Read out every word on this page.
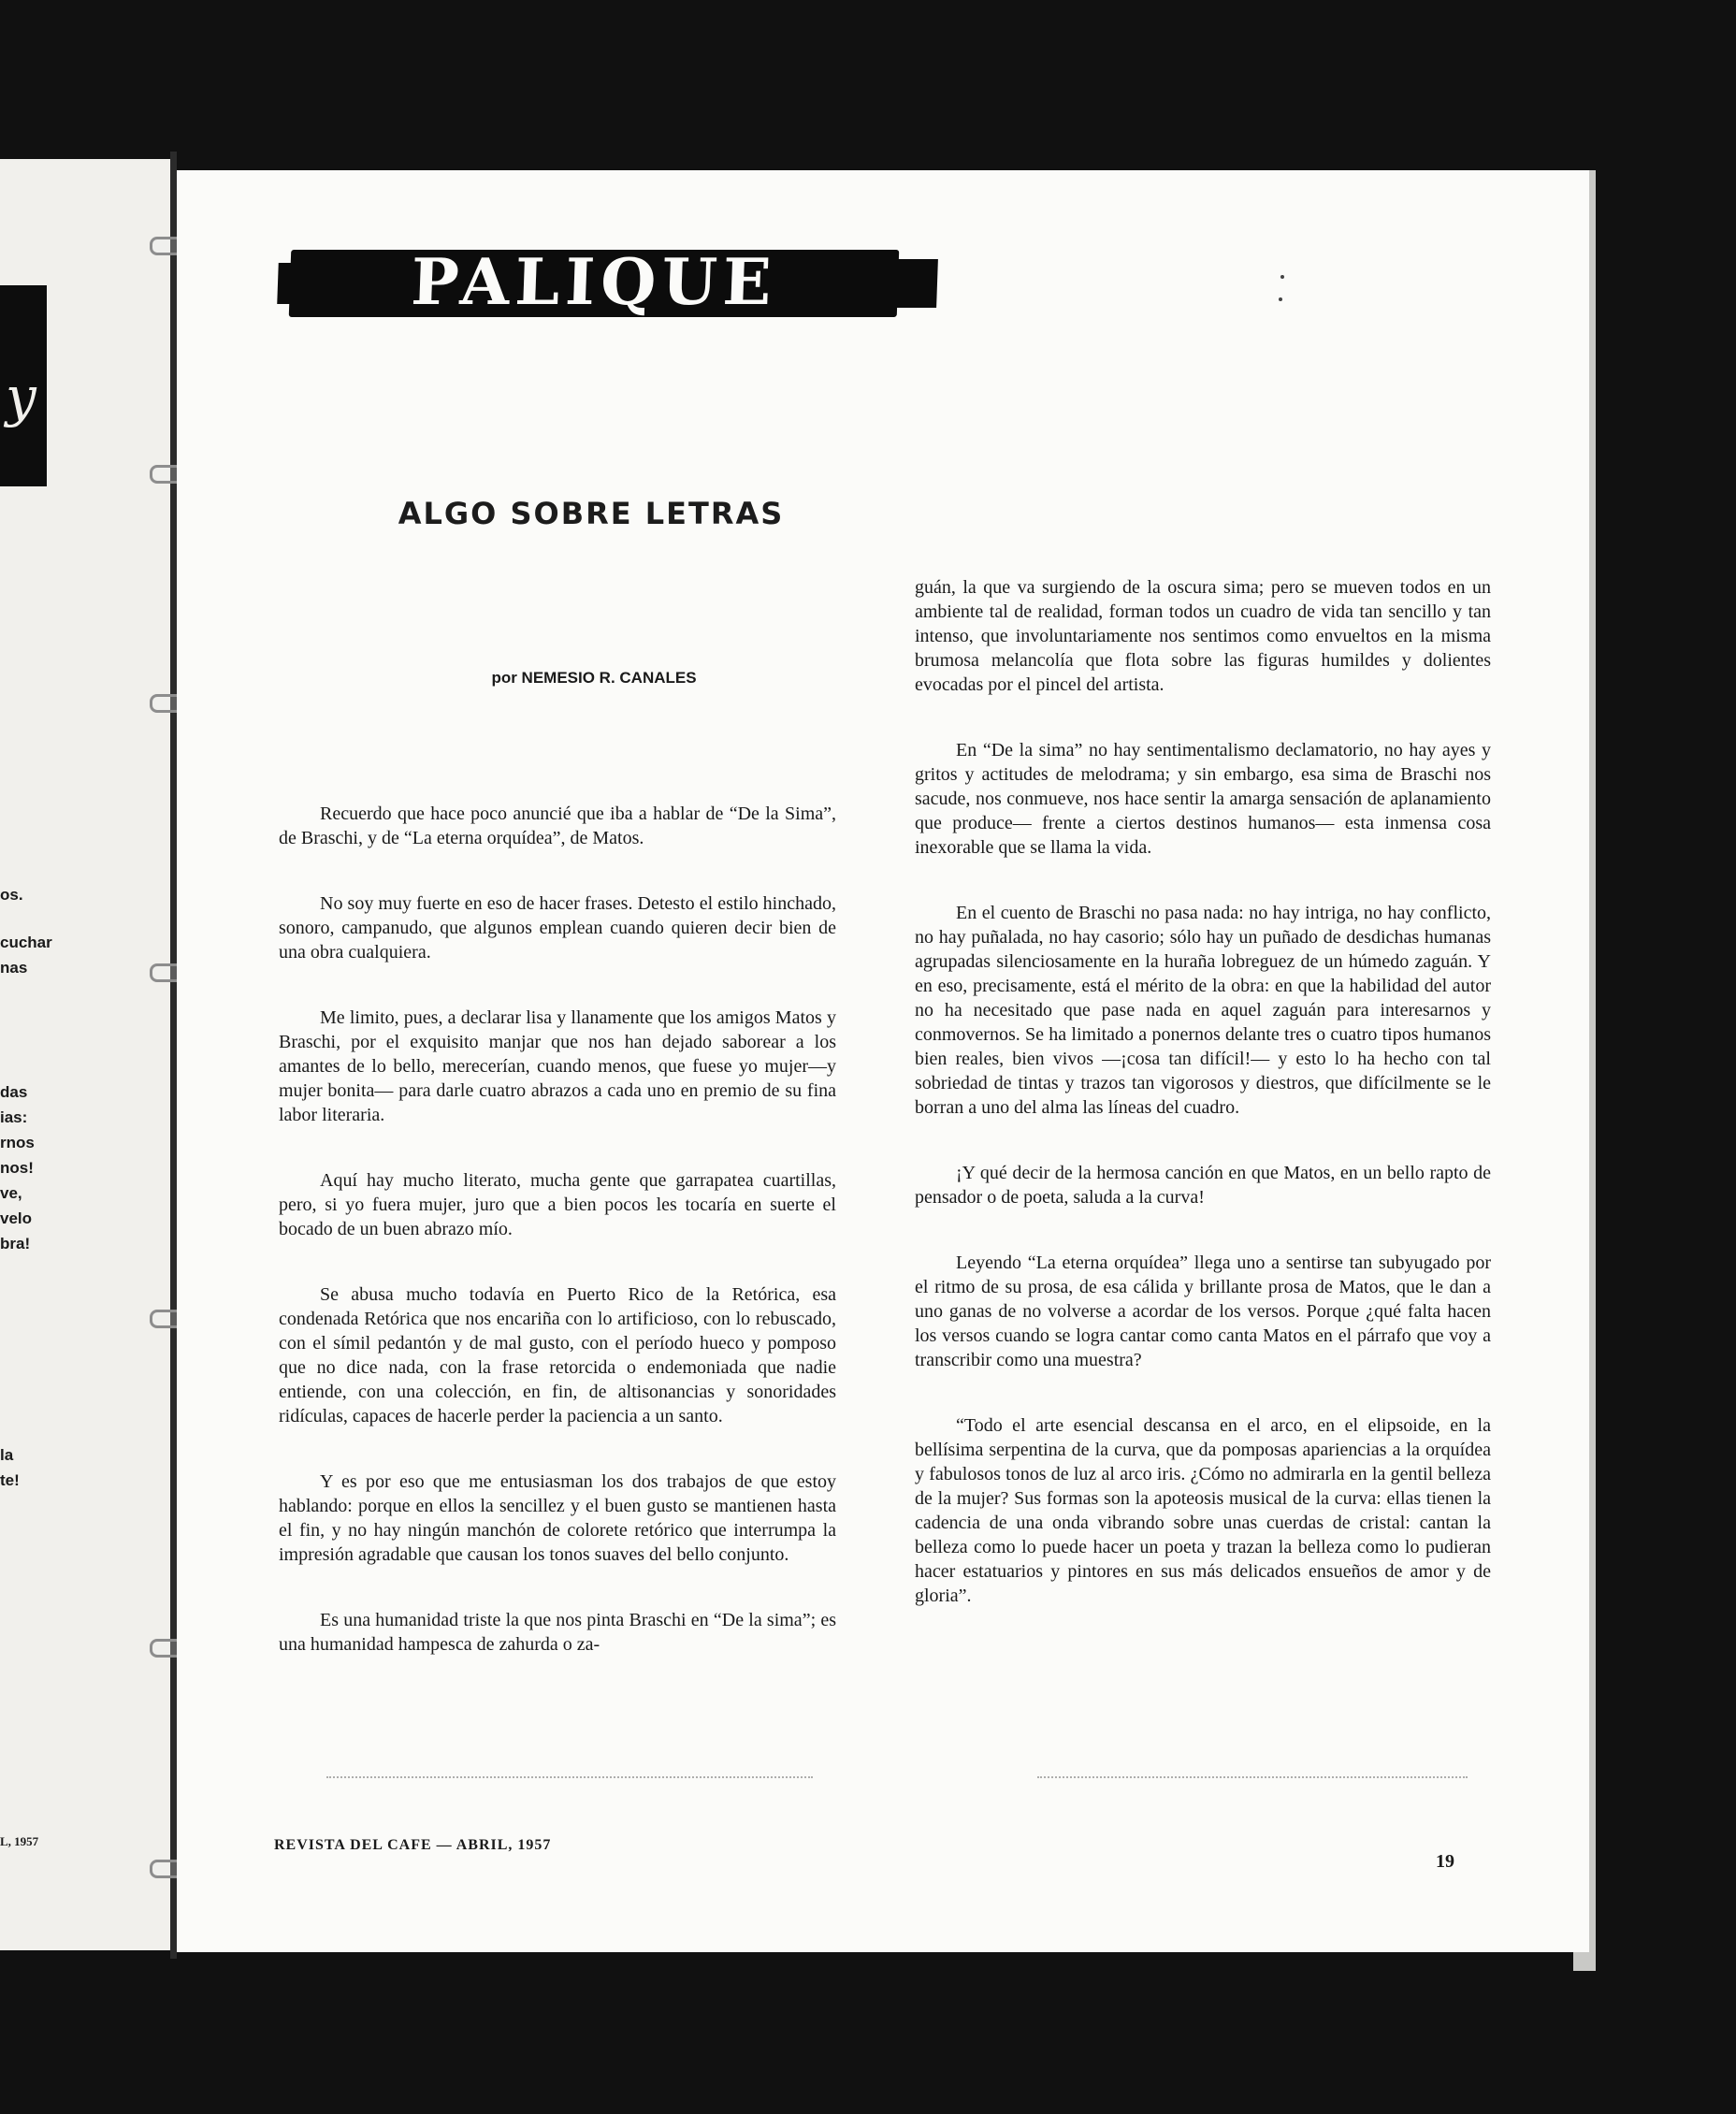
y
os.
cuchar
nas
das
ias:
rnos
nos!
ve,
velo
bra!
la
te!
L, 1957
PALIQUE
ALGO SOBRE LETRAS
por NEMESIO R. CANALES

Recuerdo que hace poco anuncié que iba a hablar de “De la Sima”, de Braschi, y de “La eterna orquídea”, de Matos.

No soy muy fuerte en eso de hacer frases. Detesto el estilo hinchado, sonoro, campanudo, que algunos emplean cuando quieren decir bien de una obra cualquiera.

Me limito, pues, a declarar lisa y llanamente que los amigos Matos y Braschi, por el exquisito manjar que nos han dejado saborear a los amantes de lo bello, merecerían, cuando menos, que fuese yo mujer—y mujer bonita— para darle cuatro abrazos a cada uno en premio de su fina labor literaria.

Aquí hay mucho literato, mucha gente que garrapatea cuartillas, pero, si yo fuera mujer, juro que a bien pocos les tocaría en suerte el bocado de un buen abrazo mío.

Se abusa mucho todavía en Puerto Rico de la Retórica, esa condenada Retórica que nos encariña con lo artificioso, con lo rebuscado, con el símil pedantón y de mal gusto, con el período hueco y pomposo que no dice nada, con la frase retorcida o endemoniada que nadie entiende, con una colección, en fin, de altisonancias y sonoridades ridículas, capaces de hacerle perder la paciencia a un santo.

Y es por eso que me entusiasman los dos trabajos de que estoy hablando: porque en ellos la sencillez y el buen gusto se mantienen hasta el fin, y no hay ningún manchón de colorete retórico que interrumpa la impresión agradable que causan los tonos suaves del bello conjunto.

Es una humanidad triste la que nos pinta Braschi en “De la sima”; es una humanidad hampesca de zahurda o za-

guán, la que va surgiendo de la oscura sima; pero se mueven todos en un ambiente tal de realidad, forman todos un cuadro de vida tan sencillo y tan intenso, que involuntariamente nos sentimos como envueltos en la misma brumosa melancolía que flota sobre las figuras humildes y dolientes evocadas por el pincel del artista.

En “De la sima” no hay sentimentalismo declamatorio, no hay ayes y gritos y actitudes de melodrama; y sin embargo, esa sima de Braschi nos sacude, nos conmueve, nos hace sentir la amarga sensación de aplanamiento que produce— frente a ciertos destinos humanos— esta inmensa cosa inexorable que se llama la vida.

En el cuento de Braschi no pasa nada: no hay intriga, no hay conflicto, no hay puñalada, no hay casorio; sólo hay un puñado de desdichas humanas agrupadas silenciosamente en la huraña lobreguez de un húmedo zaguán. Y en eso, precisamente, está el mérito de la obra: en que la habilidad del autor no ha necesitado que pase nada en aquel zaguán para interesarnos y conmovernos. Se ha limitado a ponernos delante tres o cuatro tipos humanos bien reales, bien vivos —¡cosa tan difícil!— y esto lo ha hecho con tal sobriedad de tintas y trazos tan vigorosos y diestros, que difícilmente se le borran a uno del alma las líneas del cuadro.

¡Y qué decir de la hermosa canción en que Matos, en un bello rapto de pensador o de poeta, saluda a la curva!

Leyendo “La eterna orquídea” llega uno a sentirse tan subyugado por el ritmo de su prosa, de esa cálida y brillante prosa de Matos, que le dan a uno ganas de no volverse a acordar de los versos. Porque ¿qué falta hacen los versos cuando se logra cantar como canta Matos en el párrafo que voy a transcribir como una muestra?

“Todo el arte esencial descansa en el arco, en el elipsoide, en la bellísima serpentina de la curva, que da pomposas apariencias a la orquídea y fabulosos tonos de luz al arco iris. ¿Cómo no admirarla en la gentil belleza de la mujer? Sus formas son la apoteosis musical de la curva: ellas tienen la cadencia de una onda vibrando sobre unas cuerdas de cristal: cantan la belleza como lo puede hacer un poeta y trazan la belleza como lo pudieran hacer estatuarios y pintores en sus más delicados ensueños de amor y de gloria”.

REVISTA DEL CAFE — ABRIL, 1957
19
